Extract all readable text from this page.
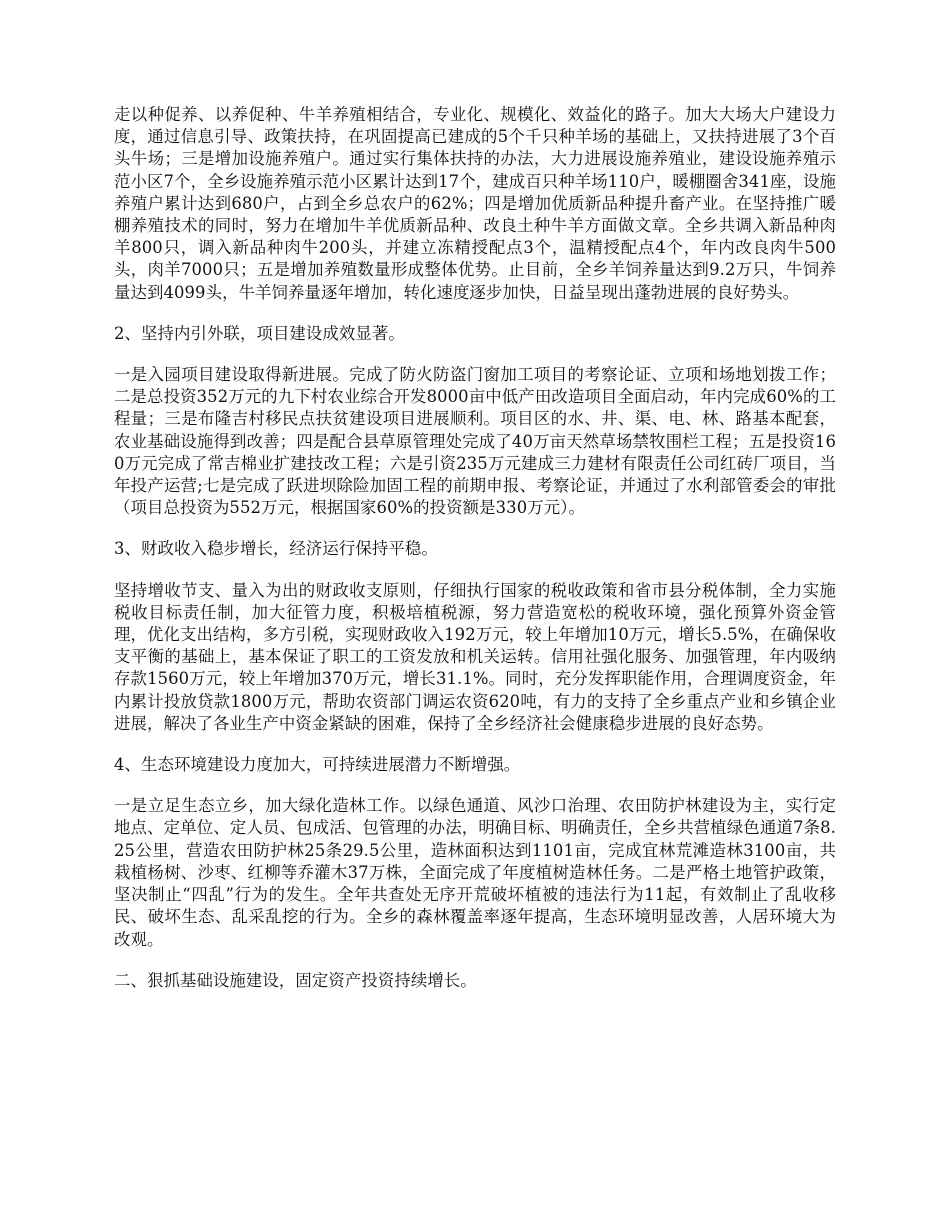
走以种促养、以养促种、牛羊养殖相结合，专业化、规模化、效益化的路子。加大大场大户建设力度，通过信息引导、政策扶持，在巩固提高已建成的5个千只种羊场的基础上，又扶持进展了3个百头牛场；三是增加设施养殖户。通过实行集体扶持的办法，大力进展设施养殖业，建设设施养殖示范小区7个，全乡设施养殖示范小区累计达到17个，建成百只种羊场110户，暖棚圈舍341座，设施养殖户累计达到680户，占到全乡总农户的62%；四是增加优质新品种提升畜产业。在坚持推广暖棚养殖技术的同时，努力在增加牛羊优质新品种、改良土种牛羊方面做文章。全乡共调入新品种肉羊800只，调入新品种肉牛200头，并建立冻精授配点3个，温精授配点4个，年内改良肉牛500头，肉羊7000只；五是增加养殖数量形成整体优势。止目前，全乡羊饲养量达到9.2万只，牛饲养量达到4099头，牛羊饲养量逐年增加，转化速度逐步加快，日益呈现出蓬勃进展的良好势头。

2、坚持内引外联，项目建设成效显著。

一是入园项目建设取得新进展。完成了防火防盗门窗加工项目的考察论证、立项和场地划拨工作；二是总投资352万元的九下村农业综合开发8000亩中低产田改造项目全面启动，年内完成60%的工程量；三是布隆吉村移民点扶贫建设项目进展顺利。项目区的水、井、渠、电、林、路基本配套，农业基础设施得到改善；四是配合县草原管理处完成了40万亩天然草场禁牧围栏工程；五是投资160万元完成了常吉棉业扩建技改工程；六是引资235万元建成三力建材有限责任公司红砖厂项目，当年投产运营;七是完成了跃进坝除险加固工程的前期申报、考察论证，并通过了水利部管委会的审批（项目总投资为552万元，根据国家60%的投资额是330万元）。

3、财政收入稳步增长，经济运行保持平稳。

坚持增收节支、量入为出的财政收支原则，仔细执行国家的税收政策和省市县分税体制，全力实施税收目标责任制，加大征管力度，积极培植税源，努力营造宽松的税收环境，强化预算外资金管理，优化支出结构，多方引税，实现财政收入192万元，较上年增加10万元，增长5.5%，在确保收支平衡的基础上，基本保证了职工的工资发放和机关运转。信用社强化服务、加强管理，年内吸纳存款1560万元，较上年增加370万元，增长31.1%。同时，充分发挥职能作用，合理调度资金，年内累计投放贷款1800万元，帮助农资部门调运农资620吨，有力的支持了全乡重点产业和乡镇企业进展，解决了各业生产中资金紧缺的困难，保持了全乡经济社会健康稳步进展的良好态势。

4、生态环境建设力度加大，可持续进展潜力不断增强。

一是立足生态立乡，加大绿化造林工作。以绿色通道、风沙口治理、农田防护林建设为主，实行定地点、定单位、定人员、包成活、包管理的办法，明确目标、明确责任，全乡共营植绿色通道7条8.25公里，营造农田防护林25条29.5公里，造林面积达到1101亩，完成宜林荒滩造林3100亩，共栽植杨树、沙枣、红柳等乔灌木37万株，全面完成了年度植树造林任务。二是严格土地管护政策，坚决制止“四乱”行为的发生。全年共查处无序开荒破坏植被的违法行为11起，有效制止了乱收移民、破坏生态、乱采乱挖的行为。全乡的森林覆盖率逐年提高，生态环境明显改善，人居环境大为改观。

二、狠抓基础设施建设，固定资产投资持续增长。
